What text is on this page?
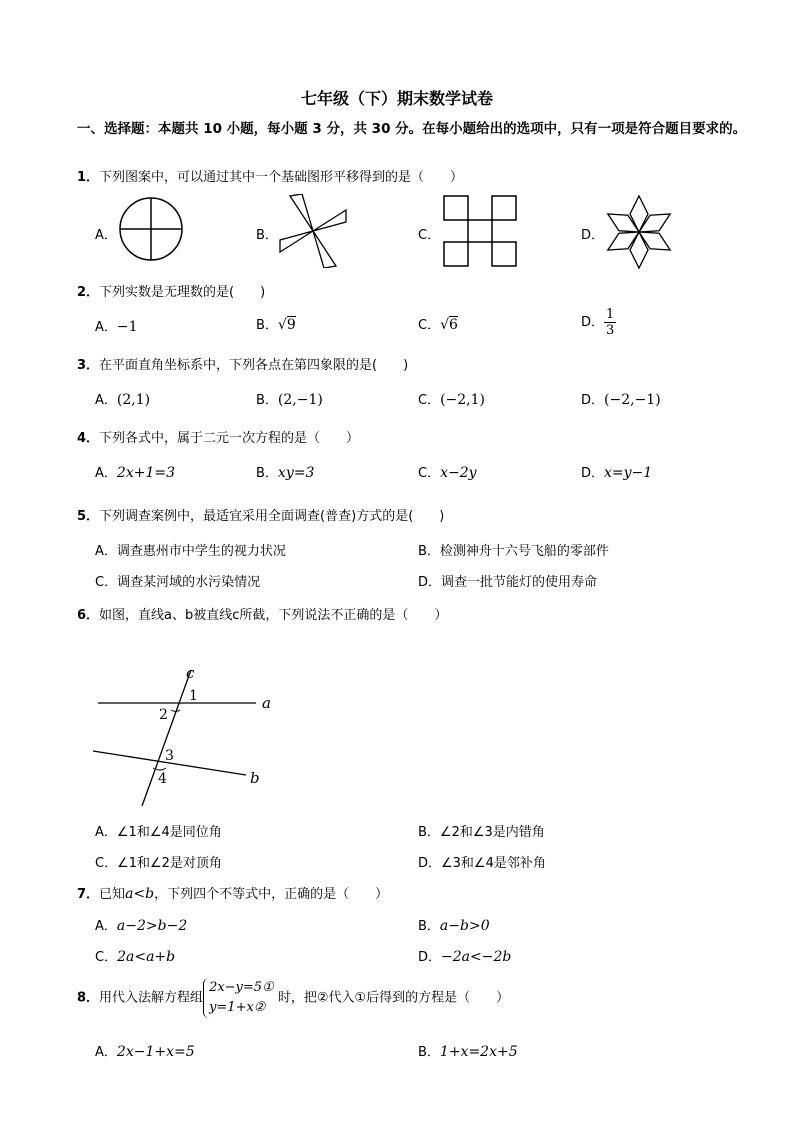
七年级（下）期末数学试卷
一、选择题：本题共 10 小题，每小题 3 分，共 30 分。在每小题给出的选项中，只有一项是符合题目要求的。
1．下列图案中，可以通过其中一个基础图形平移得到的是（　　）
A．	B．	C．	D．
2．下列实数是无理数的是(　　)
A．−1	B．√9	C．√6	D． $\frac{1}{3}$
3．在平面直角坐标系中，下列各点在第四象限的是(　　)
A．(2,1)	B．(2,−1)	C．(−2,1)	D．(−2,−1)
4．下列各式中，属于二元一次方程的是（　　）
A．2x+1=3	B．xy=3	C．x−2y	D．x=y−1
5．下列调查案例中，最适宜采用全面调查(普查)方式的是(　　)
A．调查惠州市中学生的视力状况	B．检测神舟十六号飞船的零部件
C．调查某河域的水污染情况	D．调查一批节能灯的使用寿命
6．如图，直线a、b被直线c所截，下列说法不正确的是（　　）
c
a
b
1
2
3
4
A．∠1和∠4是同位角	B．∠2和∠3是内错角
C．∠1和∠2是对顶角	D．∠3和∠4是邻补角
7．已知a<b，下列四个不等式中，正确的是（　　）
A．a−2>b−2	B．a−b>0
C．2a<a+b	D．−2a<−2b
8．用代入法解方程组
2x−y=5①
y=1+x②
时，把②代入①后得到的方程是（　　）
A．2x−1+x=5	B．1+x=2x+5
